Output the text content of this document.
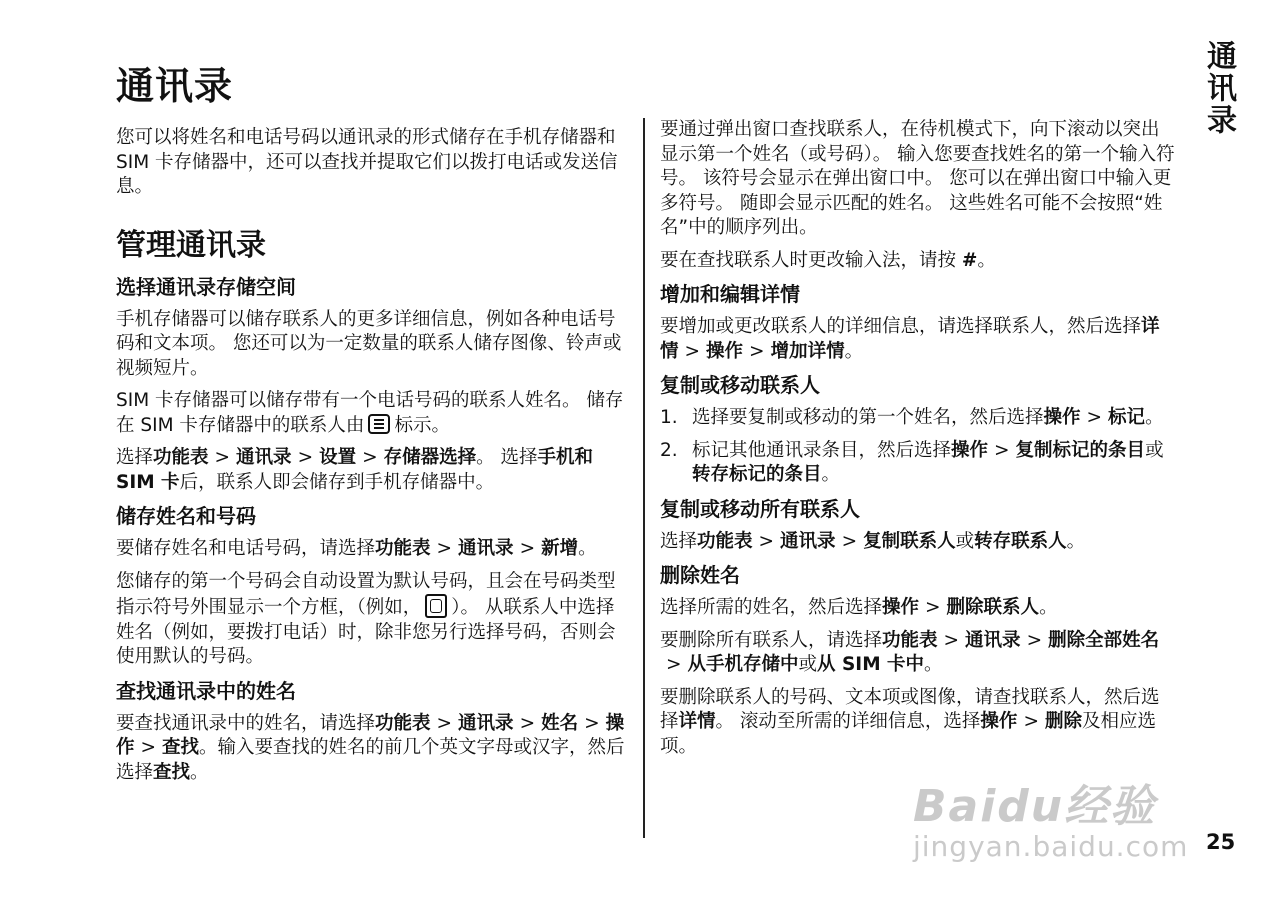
通讯录
通讯录

您可以将姓名和电话号码以通讯录的形式储存在手机存储器和 SIM 卡存储器中，还可以查找并提取它们以拨打电话或发送信息。

管理通讯录
选择通讯录存储空间

手机存储器可以储存联系人的更多详细信息，例如各种电话号码和文本项。 您还可以为一定数量的联系人储存图像、铃声或视频短片。

SIM 卡存储器可以储存带有一个电话号码的联系人姓名。 储存在 SIM 卡存储器中的联系人由 标示。

选择功能表 > 通讯录 > 设置 > 存储器选择。 选择手机和 SIM 卡后，联系人即会储存到手机存储器中。

储存姓名和号码

要储存姓名和电话号码，请选择功能表 > 通讯录 > 新增。

您储存的第一个号码会自动设置为默认号码，且会在号码类型指示符号外围显示一个方框，（例如， ）。 从联系人中选择姓名（例如，要拨打电话）时，除非您另行选择号码，否则会使用默认的号码。

查找通讯录中的姓名

要查找通讯录中的姓名，请选择功能表 > 通讯录 > 姓名 > 操作 > 查找。输入要查找的姓名的前几个英文字母或汉字，然后选择查找。

要通过弹出窗口查找联系人，在待机模式下，向下滚动以突出显示第一个姓名（或号码）。 输入您要查找姓名的第一个输入符号。 该符号会显示在弹出窗口中。 您可以在弹出窗口中输入更多符号。 随即会显示匹配的姓名。 这些姓名可能不会按照“姓名”中的顺序列出。

要在查找联系人时更改输入法，请按 #。

增加和编辑详情

要增加或更改联系人的详细信息，请选择联系人，然后选择详情 > 操作 > 增加详情。

复制或移动联系人
1. 选择要复制或移动的第一个姓名，然后选择操作 > 标记。
2. 标记其他通讯录条目，然后选择操作 > 复制标记的条目或转存标记的条目。
复制或移动所有联系人

选择功能表 > 通讯录 > 复制联系人或转存联系人。

删除姓名

选择所需的姓名，然后选择操作 > 删除联系人。

要删除所有联系人，请选择功能表 > 通讯录 > 删除全部姓名> 从手机存储中或从 SIM 卡中。

要删除联系人的号码、文本项或图像，请查找联系人，然后选择详情。 滚动至所需的详细信息，选择操作 > 删除及相应选项。

Baidu经验
jingyan.baidu.com 25
